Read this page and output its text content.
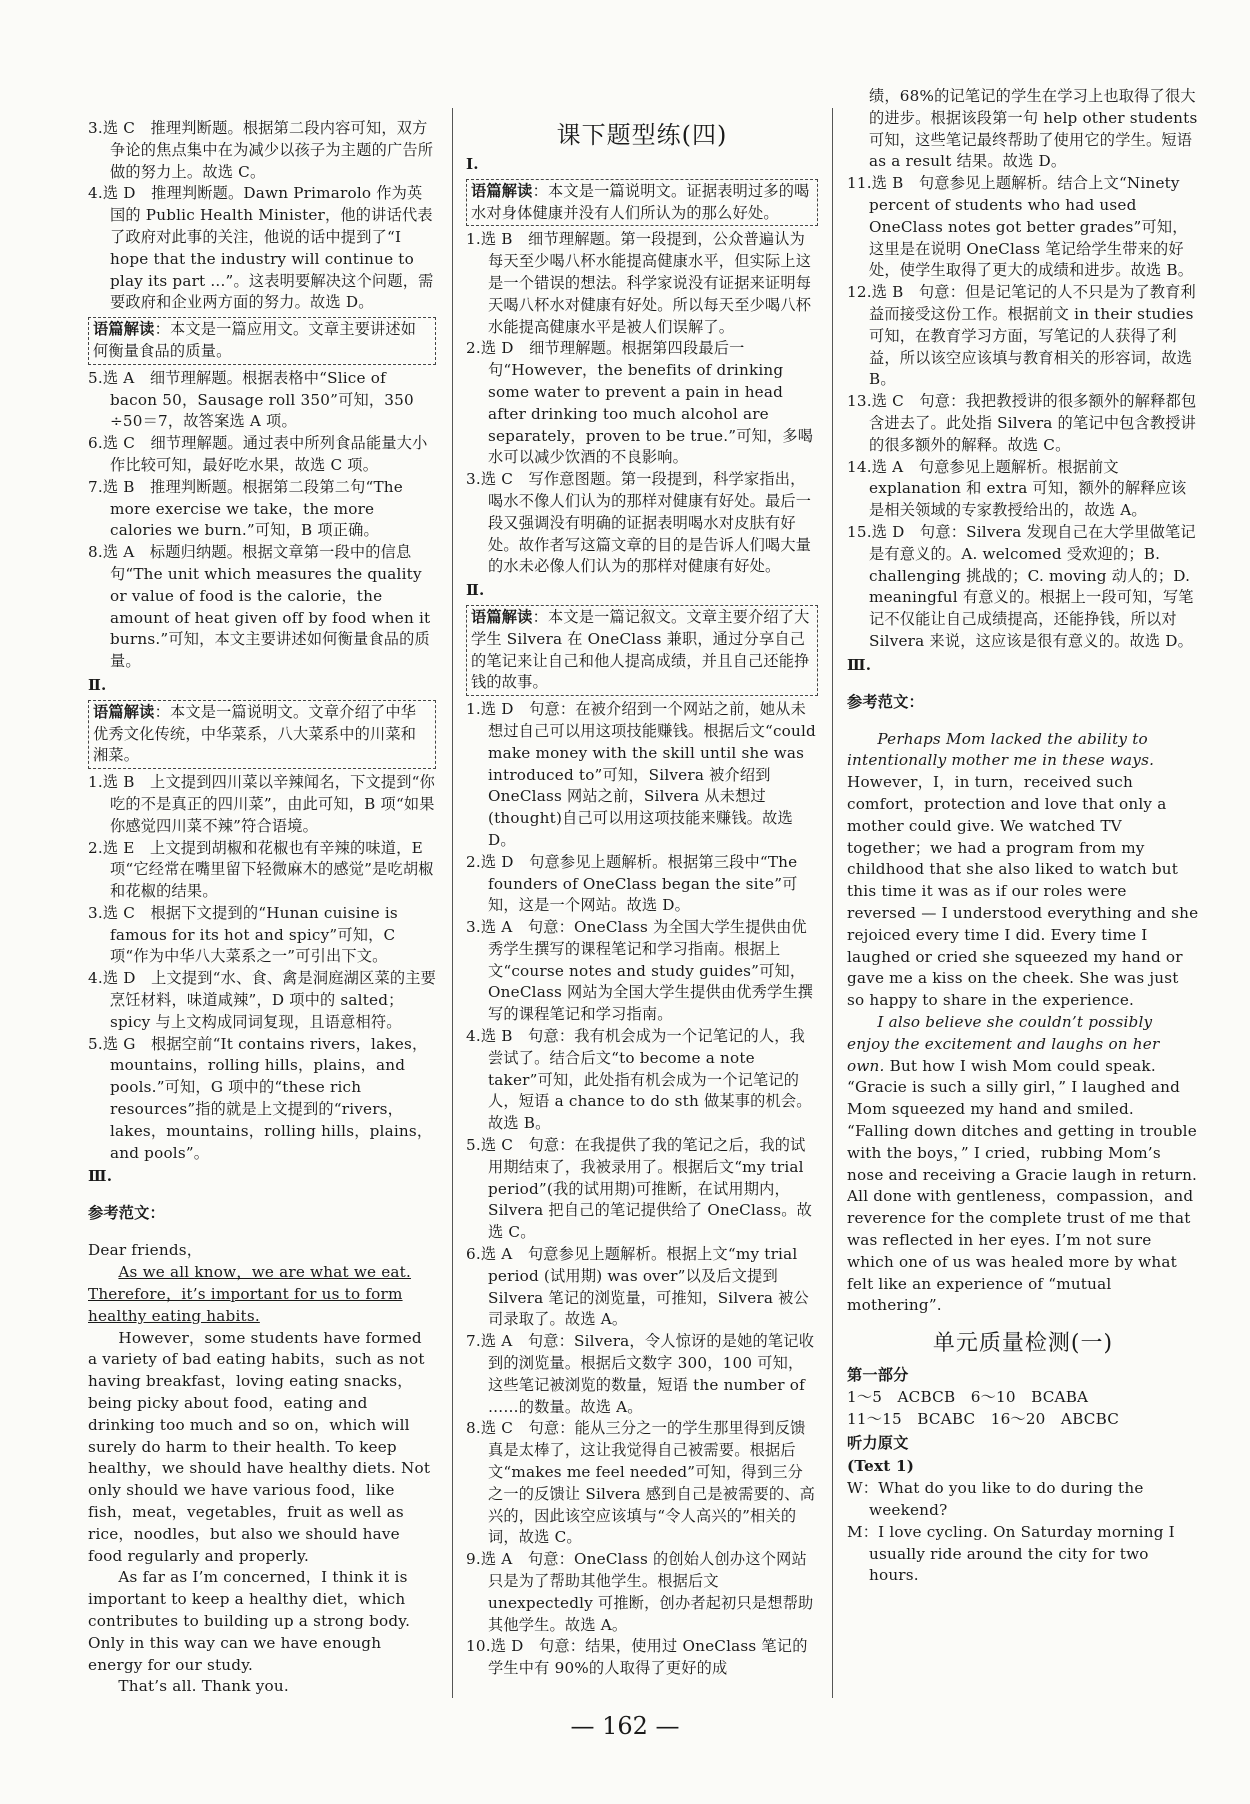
3.选 C　推理判断题。根据第二段内容可知，双方争论的焦点集中在为减少以孩子为主题的广告所做的努力上。故选 C。

4.选 D　推理判断题。Dawn Primarolo 作为英国的 Public Health Minister，他的讲话代表了政府对此事的关注，他说的话中提到了“I hope that the industry will continue to play its part ...”。这表明要解决这个问题，需要政府和企业两方面的努力。故选 D。

语篇解读：本文是一篇应用文。文章主要讲述如何衡量食品的质量。

5.选 A　细节理解题。根据表格中“Slice of bacon 50，Sausage roll 350”可知，350 ÷50＝7，故答案选 A 项。

6.选 C　细节理解题。通过表中所列食品能量大小作比较可知，最好吃水果，故选 C 项。

7.选 B　推理判断题。根据第二段第二句“The more exercise we take，the more calories we burn.”可知，B 项正确。

8.选 A　标题归纳题。根据文章第一段中的信息句“The unit which measures the quality or value of food is the calorie，the amount of heat given off by food when it burns.”可知，本文主要讲述如何衡量食品的质量。

Ⅱ.

语篇解读：本文是一篇说明文。文章介绍了中华优秀文化传统，中华菜系，八大菜系中的川菜和湘菜。

1.选 B　上文提到四川菜以辛辣闻名，下文提到“你吃的不是真正的四川菜”，由此可知，B 项“如果你感觉四川菜不辣”符合语境。

2.选 E　上文提到胡椒和花椒也有辛辣的味道，E 项“它经常在嘴里留下轻微麻木的感觉”是吃胡椒和花椒的结果。

3.选 C　根据下文提到的“Hunan cuisine is famous for its hot and spicy”可知，C 项“作为中华八大菜系之一”可引出下文。

4.选 D　上文提到“水、食、禽是洞庭湖区菜的主要烹饪材料，味道咸辣”，D 项中的 salted；spicy 与上文构成同词复现，且语意相符。

5.选 G　根据空前“It contains rivers，lakes，mountains，rolling hills，plains，and pools.”可知，G 项中的“these rich resources”指的就是上文提到的“rivers，lakes，mountains，rolling hills，plains，and pools”。

Ⅲ.

参考范文：

Dear friends，

As we all know，we are what we eat. Therefore，it’s important for us to form healthy eating habits.

However，some students have formed a variety of bad eating habits，such as not having breakfast，loving eating snacks，being picky about food，eating and drinking too much and so on，which will surely do harm to their health. To keep healthy，we should have healthy diets. Not only should we have various food，like fish，meat，vegetables，fruit as well as rice，noodles，but also we should have food regularly and properly.

As far as I’m concerned，I think it is important to keep a healthy diet，which contributes to building up a strong body. Only in this way can we have enough energy for our study.

That’s all. Thank you.

课下题型练(四)

Ⅰ.

语篇解读：本文是一篇说明文。证据表明过多的喝水对身体健康并没有人们所认为的那么好处。

1.选 B　细节理解题。第一段提到，公众普遍认为每天至少喝八杯水能提高健康水平，但实际上这是一个错误的想法。科学家说没有证据来证明每天喝八杯水对健康有好处。所以每天至少喝八杯水能提高健康水平是被人们误解了。

2.选 D　细节理解题。根据第四段最后一句“However，the benefits of drinking some water to prevent a pain in head after drinking too much alcohol are separately，proven to be true.”可知，多喝水可以减少饮酒的不良影响。

3.选 C　写作意图题。第一段提到，科学家指出，喝水不像人们认为的那样对健康有好处。最后一段又强调没有明确的证据表明喝水对皮肤有好处。故作者写这篇文章的目的是告诉人们喝大量的水未必像人们认为的那样对健康有好处。

Ⅱ.

语篇解读：本文是一篇记叙文。文章主要介绍了大学生 Silvera 在 OneClass 兼职，通过分享自己的笔记来让自己和他人提高成绩，并且自己还能挣钱的故事。

1.选 D　句意：在被介绍到一个网站之前，她从未想过自己可以用这项技能赚钱。根据后文“could make money with the skill until she was introduced to”可知，Silvera 被介绍到 OneClass 网站之前，Silvera 从未想过(thought)自己可以用这项技能来赚钱。故选 D。

2.选 D　句意参见上题解析。根据第三段中“The founders of OneClass began the site”可知，这是一个网站。故选 D。

3.选 A　句意：OneClass 为全国大学生提供由优秀学生撰写的课程笔记和学习指南。根据上文“course notes and study guides”可知，OneClass 网站为全国大学生提供由优秀学生撰写的课程笔记和学习指南。

4.选 B　句意：我有机会成为一个记笔记的人，我尝试了。结合后文“to become a note taker”可知，此处指有机会成为一个记笔记的人，短语 a chance to do sth 做某事的机会。故选 B。

5.选 C　句意：在我提供了我的笔记之后，我的试用期结束了，我被录用了。根据后文“my trial period”(我的试用期)可推断，在试用期内，Silvera 把自己的笔记提供给了 OneClass。故选 C。

6.选 A　句意参见上题解析。根据上文“my trial period (试用期) was over”以及后文提到 Silvera 笔记的浏览量，可推知，Silvera 被公司录取了。故选 A。

7.选 A　句意：Silvera，令人惊讶的是她的笔记收到的浏览量。根据后文数字 300，100 可知，这些笔记被浏览的数量，短语 the number of ……的数量。故选 A。

8.选 C　句意：能从三分之一的学生那里得到反馈真是太棒了，这让我觉得自己被需要。根据后文“makes me feel needed”可知，得到三分之一的反馈让 Silvera 感到自己是被需要的、高兴的，因此该空应该填与“令人高兴的”相关的词，故选 C。

9.选 A　句意：OneClass 的创始人创办这个网站只是为了帮助其他学生。根据后文 unexpectedly 可推断，创办者起初只是想帮助其他学生。故选 A。

10.选 D　句意：结果，使用过 OneClass 笔记的学生中有 90%的人取得了更好的成

绩，68%的记笔记的学生在学习上也取得了很大的进步。根据该段第一句 help other students 可知，这些笔记最终帮助了使用它的学生。短语 as a result 结果。故选 D。

11.选 B　句意参见上题解析。结合上文“Ninety percent of students who had used OneClass notes got better grades”可知，这里是在说明 OneClass 笔记给学生带来的好处，使学生取得了更大的成绩和进步。故选 B。

12.选 B　句意：但是记笔记的人不只是为了教育利益而接受这份工作。根据前文 in their studies 可知，在教育学习方面，写笔记的人获得了利益，所以该空应该填与教育相关的形容词，故选 B。

13.选 C　句意：我把教授讲的很多额外的解释都包含进去了。此处指 Silvera 的笔记中包含教授讲的很多额外的解释。故选 C。

14.选 A　句意参见上题解析。根据前文 explanation 和 extra 可知，额外的解释应该是相关领域的专家教授给出的，故选 A。

15.选 D　句意：Silvera 发现自己在大学里做笔记是有意义的。A. welcomed 受欢迎的；B. challenging 挑战的；C. moving 动人的；D. meaningful 有意义的。根据上一段可知，写笔记不仅能让自己成绩提高，还能挣钱，所以对 Silvera 来说，这应该是很有意义的。故选 D。

Ⅲ.

参考范文：

Perhaps Mom lacked the ability to intentionally mother me in these ways. However，I，in turn，received such comfort，protection and love that only a mother could give. We watched TV together；we had a program from my childhood that she also liked to watch but this time it was as if our roles were reversed — I understood everything and she rejoiced every time I did. Every time I laughed or cried she squeezed my hand or gave me a kiss on the cheek. She was just so happy to share in the experience.

I also believe she couldn’t possibly enjoy the excitement and laughs on her own. But how I wish Mom could speak. “Gracie is such a silly girl，” I laughed and Mom squeezed my hand and smiled. “Falling down ditches and getting in trouble with the boys，” I cried，rubbing Mom’s nose and receiving a Gracie laugh in return. All done with gentleness，compassion，and reverence for the complete trust of me that was reflected in her eyes. I’m not sure which one of us was healed more by what felt like an experience of “mutual mothering”.

单元质量检测(一)

第一部分

1～5　ACBCB　6～10　BCABA

11～15　BCABC　16～20　ABCBC

听力原文

(Text 1)

W：What do you like to do during the weekend?

M：I love cycling. On Saturday morning I usually ride around the city for two hours.

— 162 —
